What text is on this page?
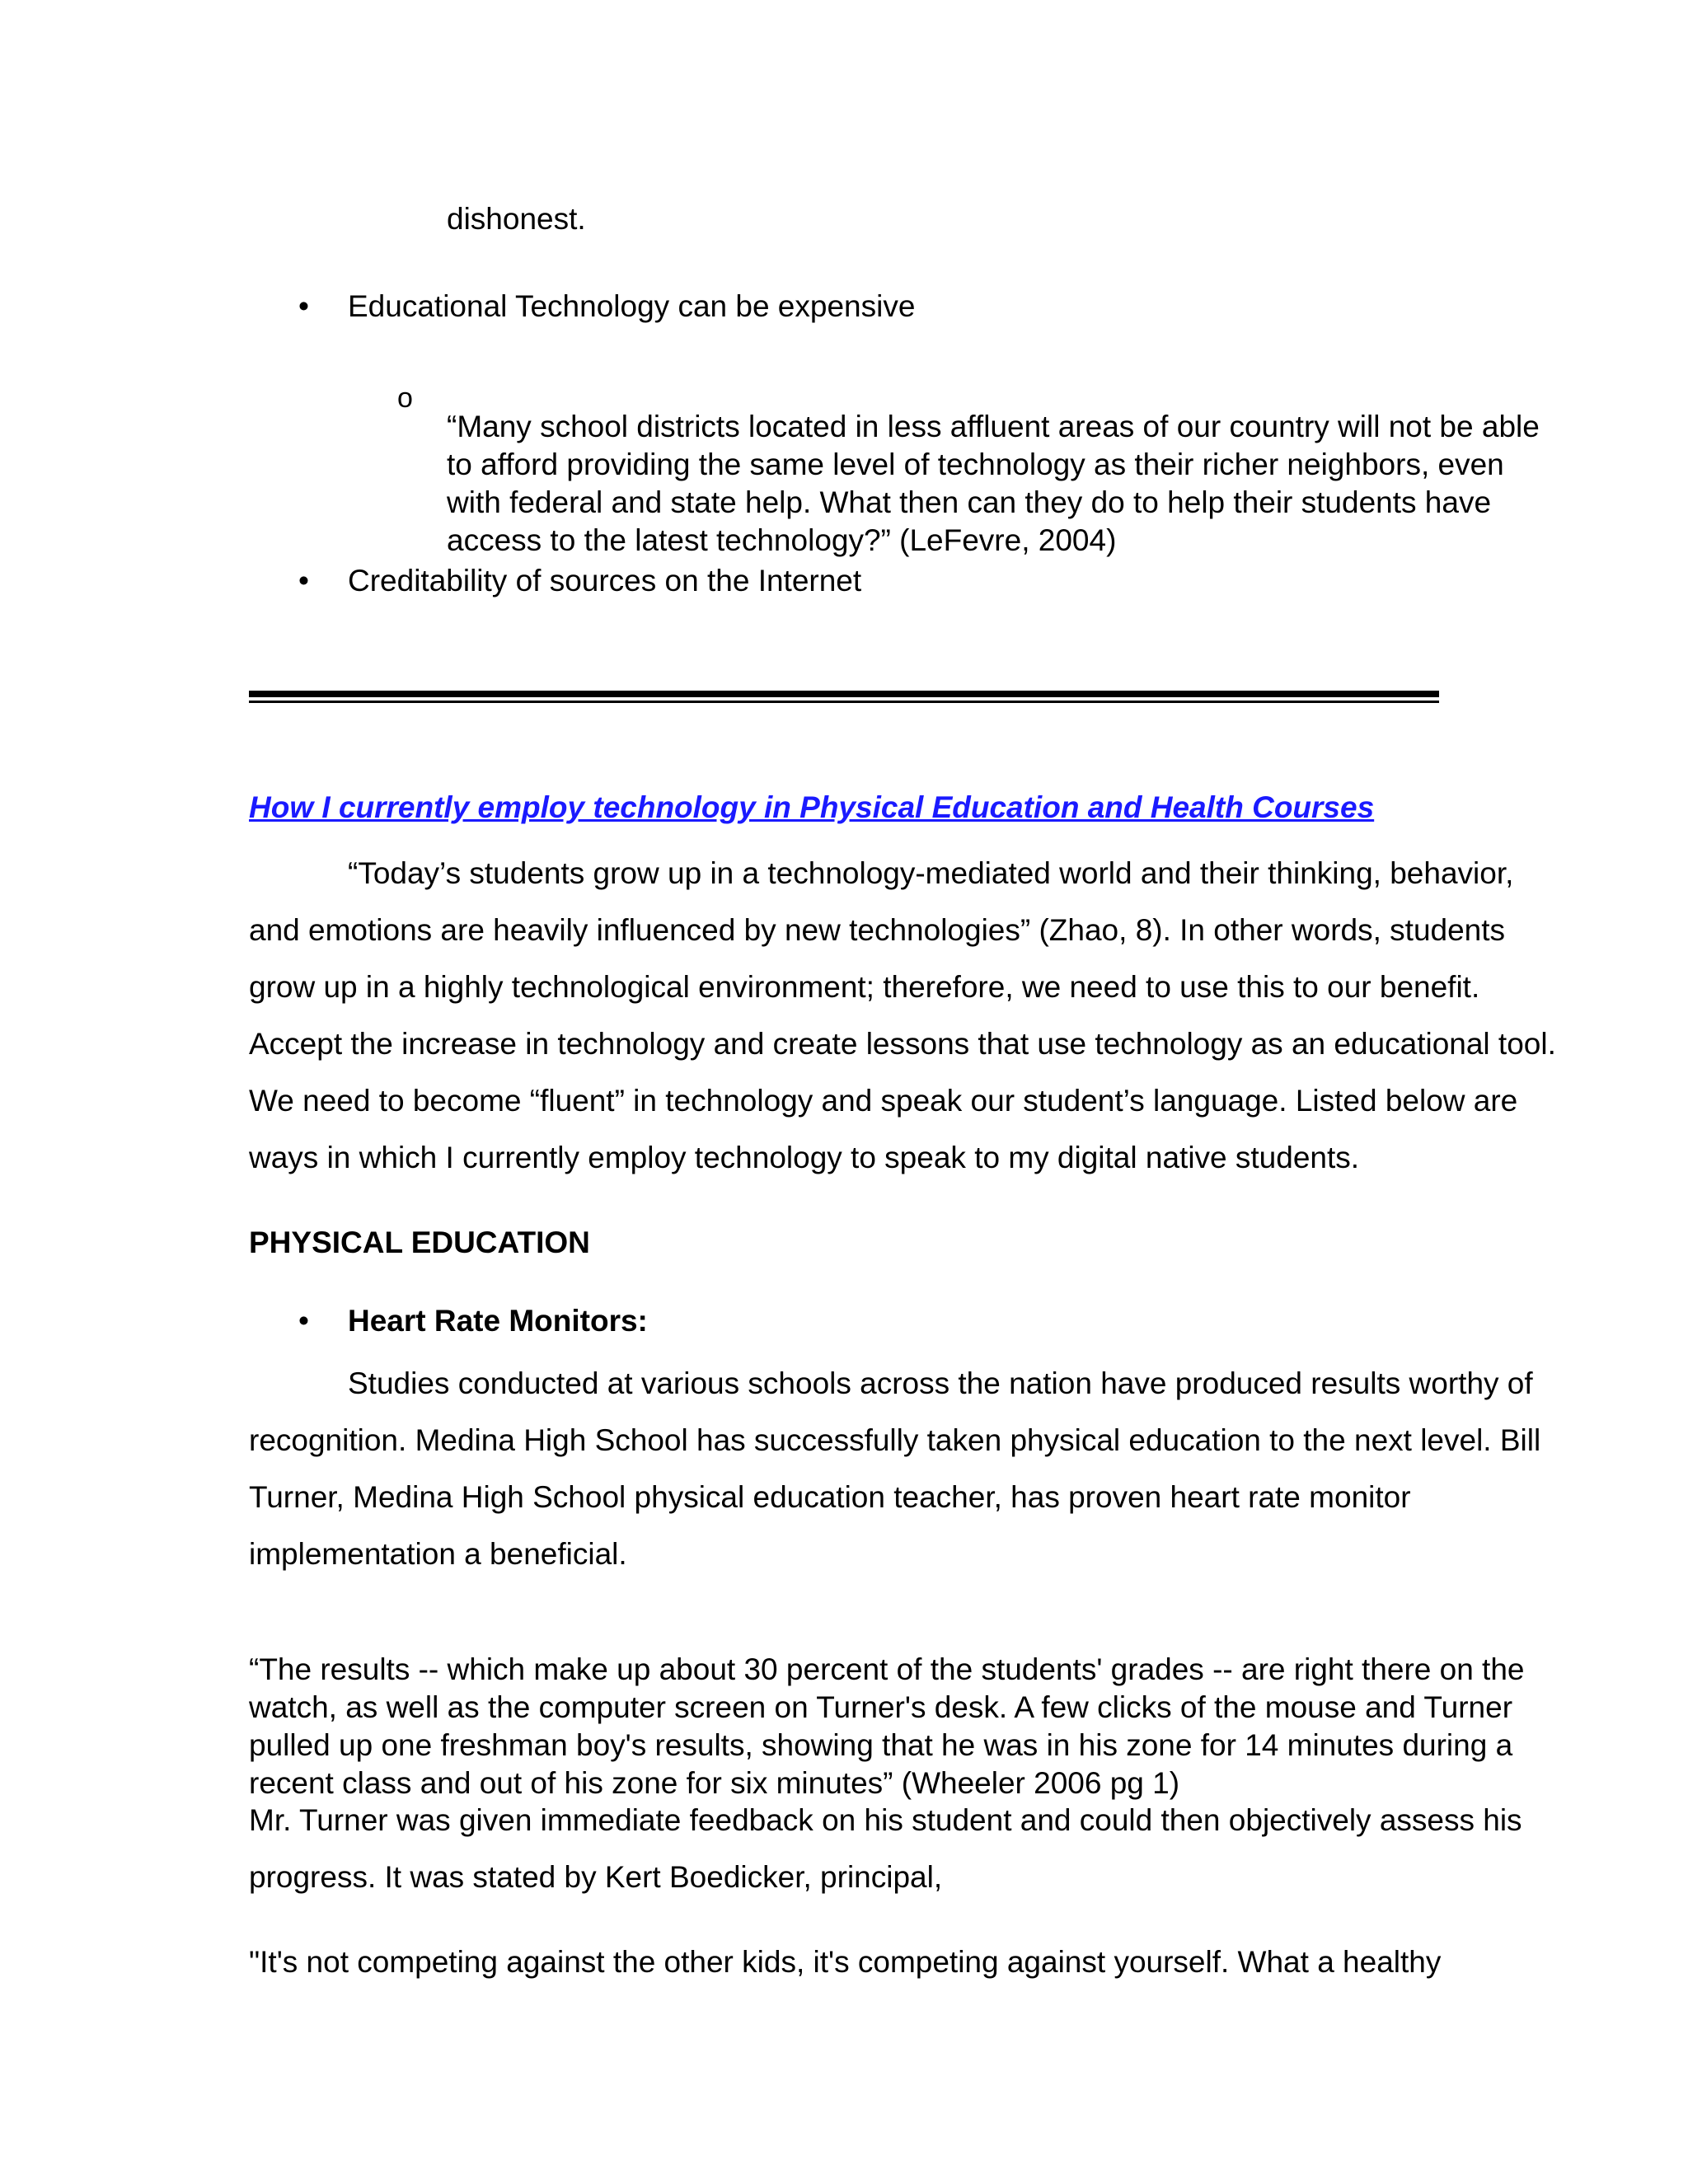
dishonest.

• Educational Technology can be expensive

o

“Many school districts located in less affluent areas of our country will not be able

to afford providing the same level of technology as their richer neighbors, even

with federal and state help. What then can they do to help their students have

access to the latest technology?” (LeFevre, 2004)

• Creditability of sources on the Internet

How I currently employ technology in Physical Education and Health Courses

“Today’s students grow up in a technology-mediated world and their thinking, behavior,

and emotions are heavily influenced by new technologies” (Zhao, 8). In other words, students

grow up in a highly technological environment; therefore, we need to use this to our benefit.

Accept the increase in technology and create lessons that use technology as an educational tool.

We need to become “fluent” in technology and speak our student’s language. Listed below are

ways in which I currently employ technology to speak to my digital native students.

PHYSICAL EDUCATION

• Heart Rate Monitors:

Studies conducted at various schools across the nation have produced results worthy of

recognition. Medina High School has successfully taken physical education to the next level. Bill

Turner, Medina High School physical education teacher, has proven heart rate monitor

implementation a beneficial.

“The results -- which make up about 30 percent of the students' grades -- are right there on the

watch, as well as the computer screen on Turner's desk. A few clicks of the mouse and Turner

pulled up one freshman boy's results, showing that he was in his zone for 14 minutes during a

recent class and out of his zone for six minutes” (Wheeler 2006 pg 1)

Mr. Turner was given immediate feedback on his student and could then objectively assess his

progress. It was stated by Kert Boedicker, principal,

"It's not competing against the other kids, it's competing against yourself. What a healthy
